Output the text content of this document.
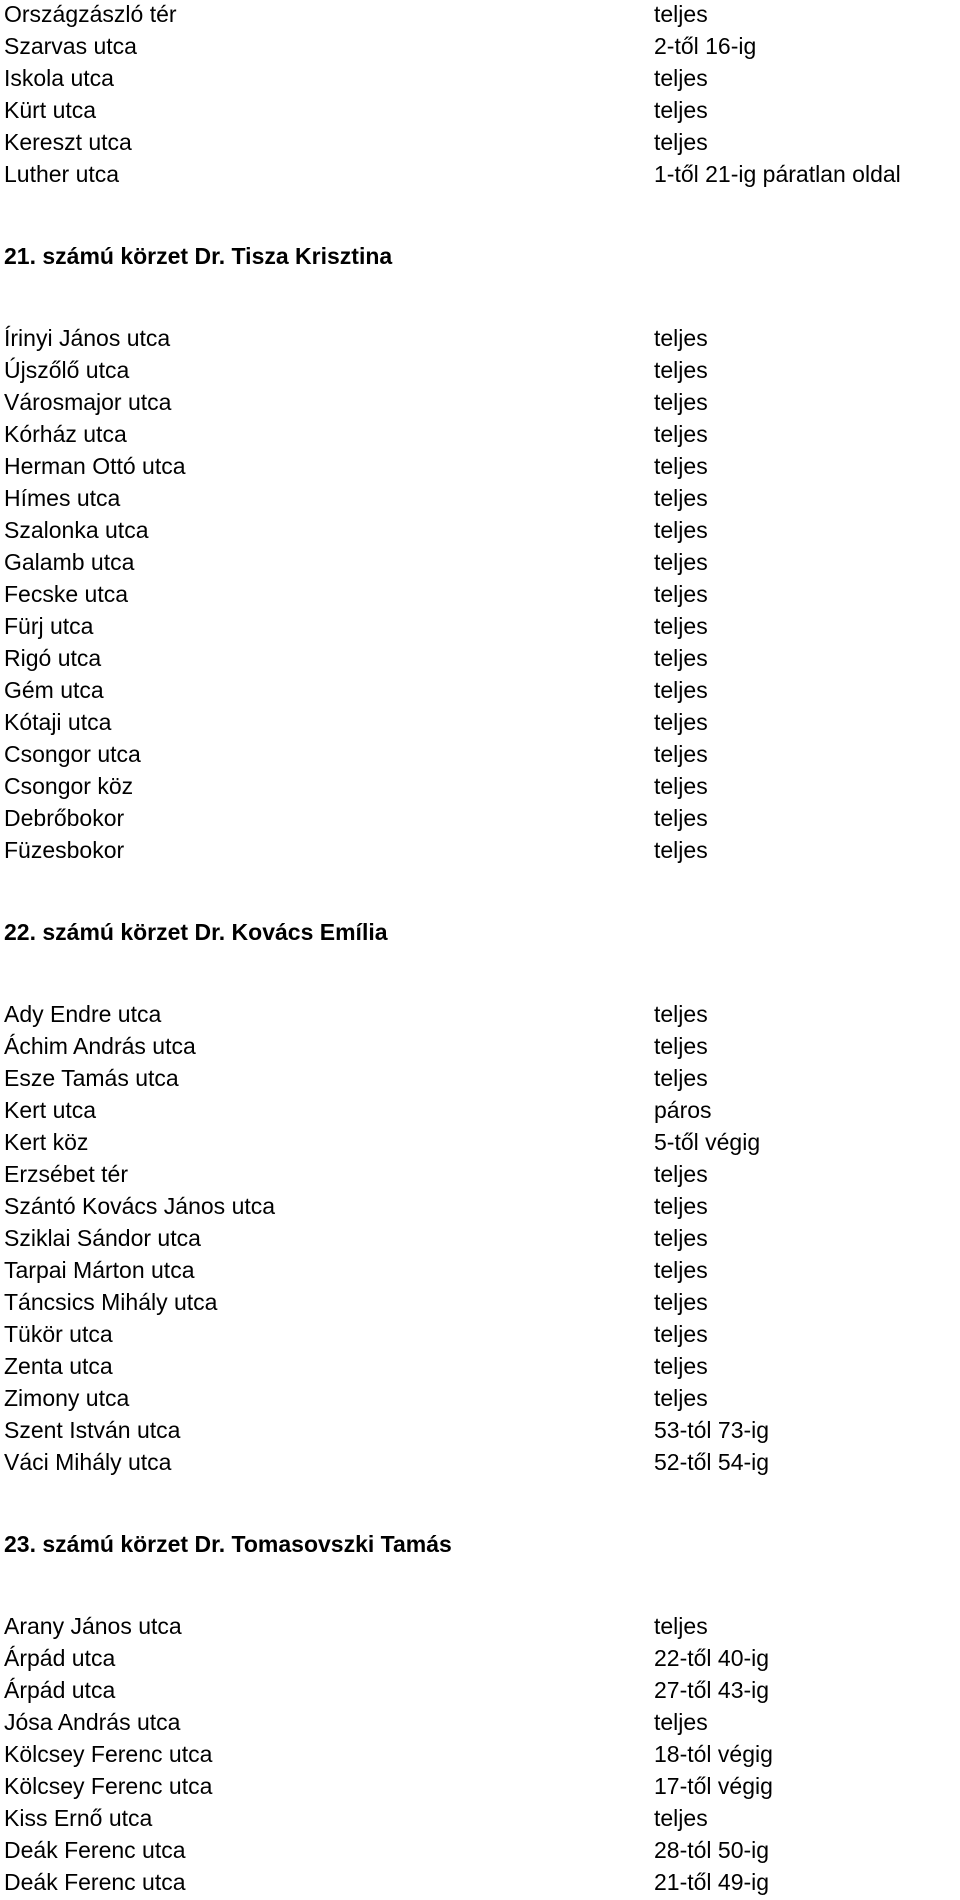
Országzászló tér	teljes
Szarvas utca	2-től 16-ig
Iskola utca	teljes
Kürt utca	teljes
Kereszt utca	teljes
Luther utca	1-től 21-ig páratlan oldal
21. számú körzet Dr. Tisza Krisztina
Írinyi János utca	teljes
Újszőlő utca	teljes
Városmajor utca	teljes
Kórház utca	teljes
Herman Ottó utca	teljes
Hímes utca	teljes
Szalonka utca	teljes
Galamb utca	teljes
Fecske utca	teljes
Fürj utca	teljes
Rigó utca	teljes
Gém utca	teljes
Kótaji utca	teljes
Csongor utca	teljes
Csongor köz	teljes
Debrőbokor	teljes
Füzesbokor	teljes
22. számú körzet Dr. Kovács Emília
Ady Endre utca	teljes
Áchim András utca	teljes
Esze Tamás utca	teljes
Kert utca	páros
Kert köz	5-től végig
Erzsébet tér	teljes
Szántó Kovács János utca	teljes
Sziklai Sándor utca	teljes
Tarpai Márton utca	teljes
Táncsics Mihály utca	teljes
Tükör utca	teljes
Zenta utca	teljes
Zimony utca	teljes
Szent István utca	53-tól 73-ig
Váci Mihály utca	52-től 54-ig
23. számú körzet Dr. Tomasovszki Tamás
Arany János utca	teljes
Árpád utca	22-től 40-ig
Árpád utca	27-től 43-ig
Jósa András utca	teljes
Kölcsey Ferenc utca	18-tól végig
Kölcsey Ferenc utca	17-től végig
Kiss Ernő utca	teljes
Deák Ferenc utca	28-tól 50-ig
Deák Ferenc utca	21-től 49-ig
